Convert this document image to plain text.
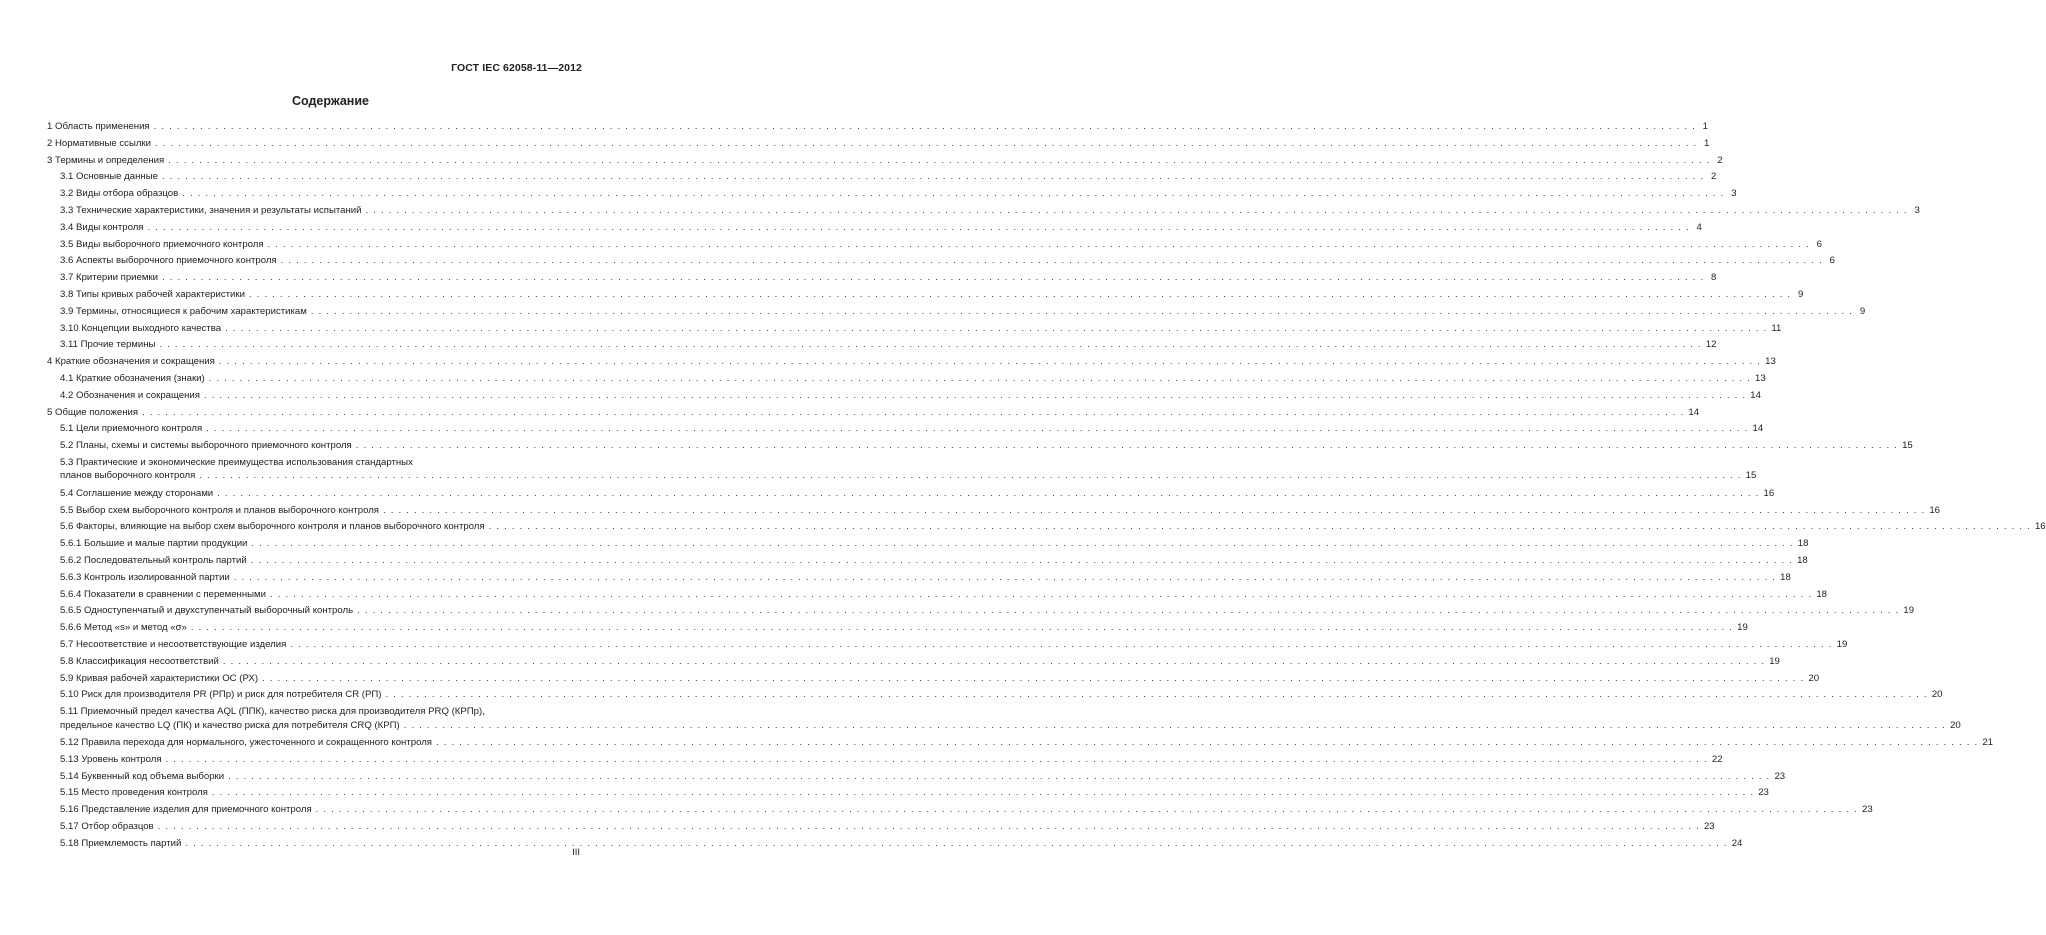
ГОСТ IEC 62058-11—2012
Содержание
1 Область применения . . . . . . . . . . . . . . . . . . . . . . . . . . . . . . . . . . . . . . . . . . . . . . . . . . . . . . . . . . . . . . . . . . . . . . . . . . . . . . . . . . . . . . . . . . . . . . . . . . . . . . . . . . . . . . . . . . . . . . . . . . . . . . . . . . . . . . . . . . . . . . . . . . . . . . . . . . . . . . . . . . . . . . . . . . . . . . . . . . . . . . . . . . . . . . . . . . . . . . . . 1
2 Нормативные ссылки . . . . . . . . . . . . . . . . . . . . . . . . . . . . . . . . . . . . . . . . . . . . . . . . . . . . . . . . . . . . . . . . . . . . . . . . . . . . . . . . . . . . . . . . . . . . . . . . . . . . . . . . . . . . . . . . . . . . . . . . . . . . . . . . . . . . . . . . . . . . . . . . . . . . . . . . . . . . . . . . . . . . . . . . . . . . . . . . . . . . . . . . . . . . . . . . . . . . . . . . 1
3 Термины и определения . . . . . . . . . . . . . . . . . . . . . . . . . . . . . . . . . . . . . . . . . . . . . . . . . . . . . . . . . . . . . . . . . . . . . . . . . . . . . . . . . . . . . . . . . . . . . . . . . . . . . . . . . . . . . . . . . . . . . . . . . . . . . . . . . . . . . . . . . . . . . . . . . . . . . . . . . . . . . . . . . . . . . . . . . . . . . . . . . . . . . . . . . . . . . . . . . . . . . . . . 2
3.1 Основные данные . . . . . . . . . . . . . . . . . . . . . . . . . . . . . . . . . . . . . . . . . . . . . . . . . . . . . . . . . . . . . . . . . . . . . . . . . . . . . . . . . . . . . . . . . . . . . . . . . . . . . . . . . . . . . . . . . . . . . . . . . . . . . . . . . . . . . . . . . . . . . . . . . . . . . . . . . . . . . . . . . . . . . . . . . . . . . . . . . . . . . . . . . . . . . . . . . . . . . . . . 2
3.2 Виды отбора образцов . . . . . . . . . . . . . . . . . . . . . . . . . . . . . . . . . . . . . . . . . . . . . . . . . . . . . . . . . . . . . . . . . . . . . . . . . . . . . . . . . . . . . . . . . . . . . . . . . . . . . . . . . . . . . . . . . . . . . . . . . . . . . . . . . . . . . . . . . . . . . . . . . . . . . . . . . . . . . . . . . . . . . . . . . . . . . . . . . . . . . . . . . . . . . . . . . . . . . . . . 3
3.3 Технические характеристики, значения и результаты испытаний . . . . . . . . . . . . . . . . . . . . . . . . . . . . . . . . . . . . . . . . . . . . . . . . . . . . . . . . . . . . . . . . . . . . . . . . . . . . . . . . . . . . . . . . . . . . . . . . . . . . . . . . . . . . . . . . . . . . . . . . . . . . . . . . . . . . . . . . . . . . . . . . . . . . . . . . . . . . . . . . . . . . . . . . . . . . . . . . . . . . . . . . . . . . . . . . . . . . . . . . 3
3.4 Виды контроля . . . . . . . . . . . . . . . . . . . . . . . . . . . . . . . . . . . . . . . . . . . . . . . . . . . . . . . . . . . . . . . . . . . . . . . . . . . . . . . . . . . . . . . . . . . . . . . . . . . . . . . . . . . . . . . . . . . . . . . . . . . . . . . . . . . . . . . . . . . . . . . . . . . . . . . . . . . . . . . . . . . . . . . . . . . . . . . . . . . . . . . . . . . . . . . . . . . . . . . . 4
3.5 Виды выборочного приемочного контроля . . . . . . . . . . . . . . . . . . . . . . . . . . . . . . . . . . . . . . . . . . . . . . . . . . . . . . . . . . . . . . . . . . . . . . . . . . . . . . . . . . . . . . . . . . . . . . . . . . . . . . . . . . . . . . . . . . . . . . . . . . . . . . . . . . . . . . . . . . . . . . . . . . . . . . . . . . . . . . . . . . . . . . . . . . . . . . . . . . . . . . . . . . . . . . . . . . . . . . . . 6
3.6 Аспекты выборочного приемочного контроля . . . . . . . . . . . . . . . . . . . . . . . . . . . . . . . . . . . . . . . . . . . . . . . . . . . . . . . . . . . . . . . . . . . . . . . . . . . . . . . . . . . . . . . . . . . . . . . . . . . . . . . . . . . . . . . . . . . . . . . . . . . . . . . . . . . . . . . . . . . . . . . . . . . . . . . . . . . . . . . . . . . . . . . . . . . . . . . . . . . . . . . . . . . . . . . . . . . . . . . . 6
3.7 Критерии приемки . . . . . . . . . . . . . . . . . . . . . . . . . . . . . . . . . . . . . . . . . . . . . . . . . . . . . . . . . . . . . . . . . . . . . . . . . . . . . . . . . . . . . . . . . . . . . . . . . . . . . . . . . . . . . . . . . . . . . . . . . . . . . . . . . . . . . . . . . . . . . . . . . . . . . . . . . . . . . . . . . . . . . . . . . . . . . . . . . . . . . . . . . . . . . . . . . . . . . . . . 8
3.8 Типы кривых рабочей характеристики . . . . . . . . . . . . . . . . . . . . . . . . . . . . . . . . . . . . . . . . . . . . . . . . . . . . . . . . . . . . . . . . . . . . . . . . . . . . . . . . . . . . . . . . . . . . . . . . . . . . . . . . . . . . . . . . . . . . . . . . . . . . . . . . . . . . . . . . . . . . . . . . . . . . . . . . . . . . . . . . . . . . . . . . . . . . . . . . . . . . . . . . . . . . . . . . . . . . . . . . 9
3.9 Термины, относящиеся к рабочим характеристикам . . . . . . . . . . . . . . . . . . . . . . . . . . . . . . . . . . . . . . . . . . . . . . . . . . . . . . . . . . . . . . . . . . . . . . . . . . . . . . . . . . . . . . . . . . . . . . . . . . . . . . . . . . . . . . . . . . . . . . . . . . . . . . . . . . . . . . . . . . . . . . . . . . . . . . . . . . . . . . . . . . . . . . . . . . . . . . . . . . . . . . . . . . . . . . . . . . . . . . . . 9
3.10 Концепции выходного качества . . . . . . . . . . . . . . . . . . . . . . . . . . . . . . . . . . . . . . . . . . . . . . . . . . . . . . . . . . . . . . . . . . . . . . . . . . . . . . . . . . . . . . . . . . . . . . . . . . . . . . . . . . . . . . . . . . . . . . . . . . . . . . . . . . . . . . . . . . . . . . . . . . . . . . . . . . . . . . . . . . . . . . . . . . . . . . . . . . . . . . . . . . . . . . . . . . . . . . . . 11
3.11 Прочие термины . . . . . . . . . . . . . . . . . . . . . . . . . . . . . . . . . . . . . . . . . . . . . . . . . . . . . . . . . . . . . . . . . . . . . . . . . . . . . . . . . . . . . . . . . . . . . . . . . . . . . . . . . . . . . . . . . . . . . . . . . . . . . . . . . . . . . . . . . . . . . . . . . . . . . . . . . . . . . . . . . . . . . . . . . . . . . . . . . . . . . . . . . . . . . . . . . . . . . . . . 12
4 Краткие обозначения и сокращения . . . . . . . . . . . . . . . . . . . . . . . . . . . . . . . . . . . . . . . . . . . . . . . . . . . . . . . . . . . . . . . . . . . . . . . . . . . . . . . . . . . . . . . . . . . . . . . . . . . . . . . . . . . . . . . . . . . . . . . . . . . . . . . . . . . . . . . . . . . . . . . . . . . . . . . . . . . . . . . . . . . . . . . . . . . . . . . . . . . . . . . . . . . . . . . . . . . . . . . . 13
4.1 Краткие обозначения (знаки) . . . . . . . . . . . . . . . . . . . . . . . . . . . . . . . . . . . . . . . . . . . . . . . . . . . . . . . . . . . . . . . . . . . . . . . . . . . . . . . . . . . . . . . . . . . . . . . . . . . . . . . . . . . . . . . . . . . . . . . . . . . . . . . . . . . . . . . . . . . . . . . . . . . . . . . . . . . . . . . . . . . . . . . . . . . . . . . . . . . . . . . . . . . . . . . . . . . . . . . . 13
4.2 Обозначения и сокращения . . . . . . . . . . . . . . . . . . . . . . . . . . . . . . . . . . . . . . . . . . . . . . . . . . . . . . . . . . . . . . . . . . . . . . . . . . . . . . . . . . . . . . . . . . . . . . . . . . . . . . . . . . . . . . . . . . . . . . . . . . . . . . . . . . . . . . . . . . . . . . . . . . . . . . . . . . . . . . . . . . . . . . . . . . . . . . . . . . . . . . . . . . . . . . . . . . . . . . . . 14
5 Общие положения . . . . . . . . . . . . . . . . . . . . . . . . . . . . . . . . . . . . . . . . . . . . . . . . . . . . . . . . . . . . . . . . . . . . . . . . . . . . . . . . . . . . . . . . . . . . . . . . . . . . . . . . . . . . . . . . . . . . . . . . . . . . . . . . . . . . . . . . . . . . . . . . . . . . . . . . . . . . . . . . . . . . . . . . . . . . . . . . . . . . . . . . . . . . . . . . . . . . . . . . 14
5.1 Цели приемочного контроля . . . . . . . . . . . . . . . . . . . . . . . . . . . . . . . . . . . . . . . . . . . . . . . . . . . . . . . . . . . . . . . . . . . . . . . . . . . . . . . . . . . . . . . . . . . . . . . . . . . . . . . . . . . . . . . . . . . . . . . . . . . . . . . . . . . . . . . . . . . . . . . . . . . . . . . . . . . . . . . . . . . . . . . . . . . . . . . . . . . . . . . . . . . . . . . . . . . . . . . . 14
5.2 Планы, схемы и системы выборочного приемочного контроля . . . . . . . . . . . . . . . . . . . . . . . . . . . . . . . . . . . . . . . . . . . . . . . . . . . . . . . . . . . . . . . . . . . . . . . . . . . . . . . . . . . . . . . . . . . . . . . . . . . . . . . . . . . . . . . . . . . . . . . . . . . . . . . . . . . . . . . . . . . . . . . . . . . . . . . . . . . . . . . . . . . . . . . . . . . . . . . . . . . . . . . . . . . . . . . . . . . . . . . . 15
5.3 Практические и экономические преимущества использования стандартных
планов выборочного контроля . . . . . . . . . . . . . . . . . . . . . . . . . . . . . . . . . . . . . . . . . . . . . . . . . . . . . . . . . . . . . . . . . . . . . . . . . . . . . . . . . . . . . . . . . . . . . . . . . . . . . . . . . . . . . . . . . . . . . . . . . . . . . . . . . . . . . . . . . . . . . . . . . . . . . . . . . . . . . . . . . . . . . . . . . . . . . . . . . . . . . . . . . . . . . . . . . . . . . . . . 15
5.4 Соглашение между сторонами . . . . . . . . . . . . . . . . . . . . . . . . . . . . . . . . . . . . . . . . . . . . . . . . . . . . . . . . . . . . . . . . . . . . . . . . . . . . . . . . . . . . . . . . . . . . . . . . . . . . . . . . . . . . . . . . . . . . . . . . . . . . . . . . . . . . . . . . . . . . . . . . . . . . . . . . . . . . . . . . . . . . . . . . . . . . . . . . . . . . . . . . . . . . . . . . . . . . . . . . 16
5.5 Выбор схем выборочного контроля и планов выборочного контроля . . . . . . . . . . . . . . . . . . . . . . . . . . . . . . . . . . . . . . . . . . . . . . . . . . . . . . . . . . . . . . . . . . . . . . . . . . . . . . . . . . . . . . . . . . . . . . . . . . . . . . . . . . . . . . . . . . . . . . . . . . . . . . . . . . . . . . . . . . . . . . . . . . . . . . . . . . . . . . . . . . . . . . . . . . . . . . . . . . . . . . . . . . . . . . . . . . . . . . . . 16
5.6 Факторы, влияющие на выбор схем выборочного контроля и планов выборочного контроля . . . . . . . . . . . . . . . . . . . . . . . . . . . . . . . . . . . . . . . . . . . . . . . . . . . . . . . . . . . . . . . . . . . . . . . . . . . . . . . . . . . . . . . . . . . . . . . . . . . . . . . . . . . . . . . . . . . . . . . . . . . . . . . . . . . . . . . . . . . . . . . . . . . . . . . . . . . . . . . . . . . . . . . . . . . . . . . . . . . . . . . . . . . . . . . . . . . . . . . . 16
5.6.1 Большие и малые партии продукции . . . . . . . . . . . . . . . . . . . . . . . . . . . . . . . . . . . . . . . . . . . . . . . . . . . . . . . . . . . . . . . . . . . . . . . . . . . . . . . . . . . . . . . . . . . . . . . . . . . . . . . . . . . . . . . . . . . . . . . . . . . . . . . . . . . . . . . . . . . . . . . . . . . . . . . . . . . . . . . . . . . . . . . . . . . . . . . . . . . . . . . . . . . . . . . . . . . . . . . . 18
5.6.2 Последовательный контроль партий . . . . . . . . . . . . . . . . . . . . . . . . . . . . . . . . . . . . . . . . . . . . . . . . . . . . . . . . . . . . . . . . . . . . . . . . . . . . . . . . . . . . . . . . . . . . . . . . . . . . . . . . . . . . . . . . . . . . . . . . . . . . . . . . . . . . . . . . . . . . . . . . . . . . . . . . . . . . . . . . . . . . . . . . . . . . . . . . . . . . . . . . . . . . . . . . . . . . . . . . 18
5.6.3 Контроль изолированной партии . . . . . . . . . . . . . . . . . . . . . . . . . . . . . . . . . . . . . . . . . . . . . . . . . . . . . . . . . . . . . . . . . . . . . . . . . . . . . . . . . . . . . . . . . . . . . . . . . . . . . . . . . . . . . . . . . . . . . . . . . . . . . . . . . . . . . . . . . . . . . . . . . . . . . . . . . . . . . . . . . . . . . . . . . . . . . . . . . . . . . . . . . . . . . . . . . . . . . . . . 18
5.6.4 Показатели в сравнении с переменными . . . . . . . . . . . . . . . . . . . . . . . . . . . . . . . . . . . . . . . . . . . . . . . . . . . . . . . . . . . . . . . . . . . . . . . . . . . . . . . . . . . . . . . . . . . . . . . . . . . . . . . . . . . . . . . . . . . . . . . . . . . . . . . . . . . . . . . . . . . . . . . . . . . . . . . . . . . . . . . . . . . . . . . . . . . . . . . . . . . . . . . . . . . . . . . . . . . . . . . . 18
5.6.5 Одноступенчатый и двухступенчатый выборочный контроль . . . . . . . . . . . . . . . . . . . . . . . . . . . . . . . . . . . . . . . . . . . . . . . . . . . . . . . . . . . . . . . . . . . . . . . . . . . . . . . . . . . . . . . . . . . . . . . . . . . . . . . . . . . . . . . . . . . . . . . . . . . . . . . . . . . . . . . . . . . . . . . . . . . . . . . . . . . . . . . . . . . . . . . . . . . . . . . . . . . . . . . . . . . . . . . . . . . . . . . . 19
5.6.6 Метод «s» и метод «σ» . . . . . . . . . . . . . . . . . . . . . . . . . . . . . . . . . . . . . . . . . . . . . . . . . . . . . . . . . . . . . . . . . . . . . . . . . . . . . . . . . . . . . . . . . . . . . . . . . . . . . . . . . . . . . . . . . . . . . . . . . . . . . . . . . . . . . . . . . . . . . . . . . . . . . . . . . . . . . . . . . . . . . . . . . . . . . . . . . . . . . . . . . . . . . . . . . . . . . . . . 19
5.7 Несоответствие и несоответствующие изделия . . . . . . . . . . . . . . . . . . . . . . . . . . . . . . . . . . . . . . . . . . . . . . . . . . . . . . . . . . . . . . . . . . . . . . . . . . . . . . . . . . . . . . . . . . . . . . . . . . . . . . . . . . . . . . . . . . . . . . . . . . . . . . . . . . . . . . . . . . . . . . . . . . . . . . . . . . . . . . . . . . . . . . . . . . . . . . . . . . . . . . . . . . . . . . . . . . . . . . . . 19
5.8 Классификация несоответствий . . . . . . . . . . . . . . . . . . . . . . . . . . . . . . . . . . . . . . . . . . . . . . . . . . . . . . . . . . . . . . . . . . . . . . . . . . . . . . . . . . . . . . . . . . . . . . . . . . . . . . . . . . . . . . . . . . . . . . . . . . . . . . . . . . . . . . . . . . . . . . . . . . . . . . . . . . . . . . . . . . . . . . . . . . . . . . . . . . . . . . . . . . . . . . . . . . . . . . . . 19
5.9 Кривая рабочей характеристики ОС (РХ) . . . . . . . . . . . . . . . . . . . . . . . . . . . . . . . . . . . . . . . . . . . . . . . . . . . . . . . . . . . . . . . . . . . . . . . . . . . . . . . . . . . . . . . . . . . . . . . . . . . . . . . . . . . . . . . . . . . . . . . . . . . . . . . . . . . . . . . . . . . . . . . . . . . . . . . . . . . . . . . . . . . . . . . . . . . . . . . . . . . . . . . . . . . . . . . . . . . . . . . . 20
5.10 Риск для производителя PR (РПр) и риск для потребителя CR (РП) . . . . . . . . . . . . . . . . . . . . . . . . . . . . . . . . . . . . . . . . . . . . . . . . . . . . . . . . . . . . . . . . . . . . . . . . . . . . . . . . . . . . . . . . . . . . . . . . . . . . . . . . . . . . . . . . . . . . . . . . . . . . . . . . . . . . . . . . . . . . . . . . . . . . . . . . . . . . . . . . . . . . . . . . . . . . . . . . . . . . . . . . . . . . . . . . . . . . . . . . 20
5.11 Приемочный предел качества AQL (ППК), качество риска для производителя PRQ (КРПр),
предельное качество LQ (ПК) и качество риска для потребителя CRQ (КРП) . . . . . . . . . . . . . . . . . . . . . . . . . . . . . . . . . . . . . . . . . . . . . . . . . . . . . . . . . . . . . . . . . . . . . . . . . . . . . . . . . . . . . . . . . . . . . . . . . . . . . . . . . . . . . . . . . . . . . . . . . . . . . . . . . . . . . . . . . . . . . . . . . . . . . . . . . . . . . . . . . . . . . . . . . . . . . . . . . . . . . . . . . . . . . . . . . . . . . . . . 20
5.12 Правила перехода для нормального, ужесточенного и сокращенного контроля . . . . . . . . . . . . . . . . . . . . . . . . . . . . . . . . . . . . . . . . . . . . . . . . . . . . . . . . . . . . . . . . . . . . . . . . . . . . . . . . . . . . . . . . . . . . . . . . . . . . . . . . . . . . . . . . . . . . . . . . . . . . . . . . . . . . . . . . . . . . . . . . . . . . . . . . . . . . . . . . . . . . . . . . . . . . . . . . . . . . . . . . . . . . . . . . . . . . . . . . 21
5.13 Уровень контроля . . . . . . . . . . . . . . . . . . . . . . . . . . . . . . . . . . . . . . . . . . . . . . . . . . . . . . . . . . . . . . . . . . . . . . . . . . . . . . . . . . . . . . . . . . . . . . . . . . . . . . . . . . . . . . . . . . . . . . . . . . . . . . . . . . . . . . . . . . . . . . . . . . . . . . . . . . . . . . . . . . . . . . . . . . . . . . . . . . . . . . . . . . . . . . . . . . . . . . . . 22
5.14 Буквенный код объема выборки . . . . . . . . . . . . . . . . . . . . . . . . . . . . . . . . . . . . . . . . . . . . . . . . . . . . . . . . . . . . . . . . . . . . . . . . . . . . . . . . . . . . . . . . . . . . . . . . . . . . . . . . . . . . . . . . . . . . . . . . . . . . . . . . . . . . . . . . . . . . . . . . . . . . . . . . . . . . . . . . . . . . . . . . . . . . . . . . . . . . . . . . . . . . . . . . . . . . . . . . 23
5.15 Место проведения контроля . . . . . . . . . . . . . . . . . . . . . . . . . . . . . . . . . . . . . . . . . . . . . . . . . . . . . . . . . . . . . . . . . . . . . . . . . . . . . . . . . . . . . . . . . . . . . . . . . . . . . . . . . . . . . . . . . . . . . . . . . . . . . . . . . . . . . . . . . . . . . . . . . . . . . . . . . . . . . . . . . . . . . . . . . . . . . . . . . . . . . . . . . . . . . . . . . . . . . . . . 23
5.16 Представление изделия для приемочного контроля . . . . . . . . . . . . . . . . . . . . . . . . . . . . . . . . . . . . . . . . . . . . . . . . . . . . . . . . . . . . . . . . . . . . . . . . . . . . . . . . . . . . . . . . . . . . . . . . . . . . . . . . . . . . . . . . . . . . . . . . . . . . . . . . . . . . . . . . . . . . . . . . . . . . . . . . . . . . . . . . . . . . . . . . . . . . . . . . . . . . . . . . . . . . . . . . . . . . . . . . 23
5.17 Отбор образцов . . . . . . . . . . . . . . . . . . . . . . . . . . . . . . . . . . . . . . . . . . . . . . . . . . . . . . . . . . . . . . . . . . . . . . . . . . . . . . . . . . . . . . . . . . . . . . . . . . . . . . . . . . . . . . . . . . . . . . . . . . . . . . . . . . . . . . . . . . . . . . . . . . . . . . . . . . . . . . . . . . . . . . . . . . . . . . . . . . . . . . . . . . . . . . . . . . . . . . . . 23
5.18 Приемлемость партий . . . . . . . . . . . . . . . . . . . . . . . . . . . . . . . . . . . . . . . . . . . . . . . . . . . . . . . . . . . . . . . . . . . . . . . . . . . . . . . . . . . . . . . . . . . . . . . . . . . . . . . . . . . . . . . . . . . . . . . . . . . . . . . . . . . . . . . . . . . . . . . . . . . . . . . . . . . . . . . . . . . . . . . . . . . . . . . . . . . . . . . . . . . . . . . . . . . . . . . . 24
III
